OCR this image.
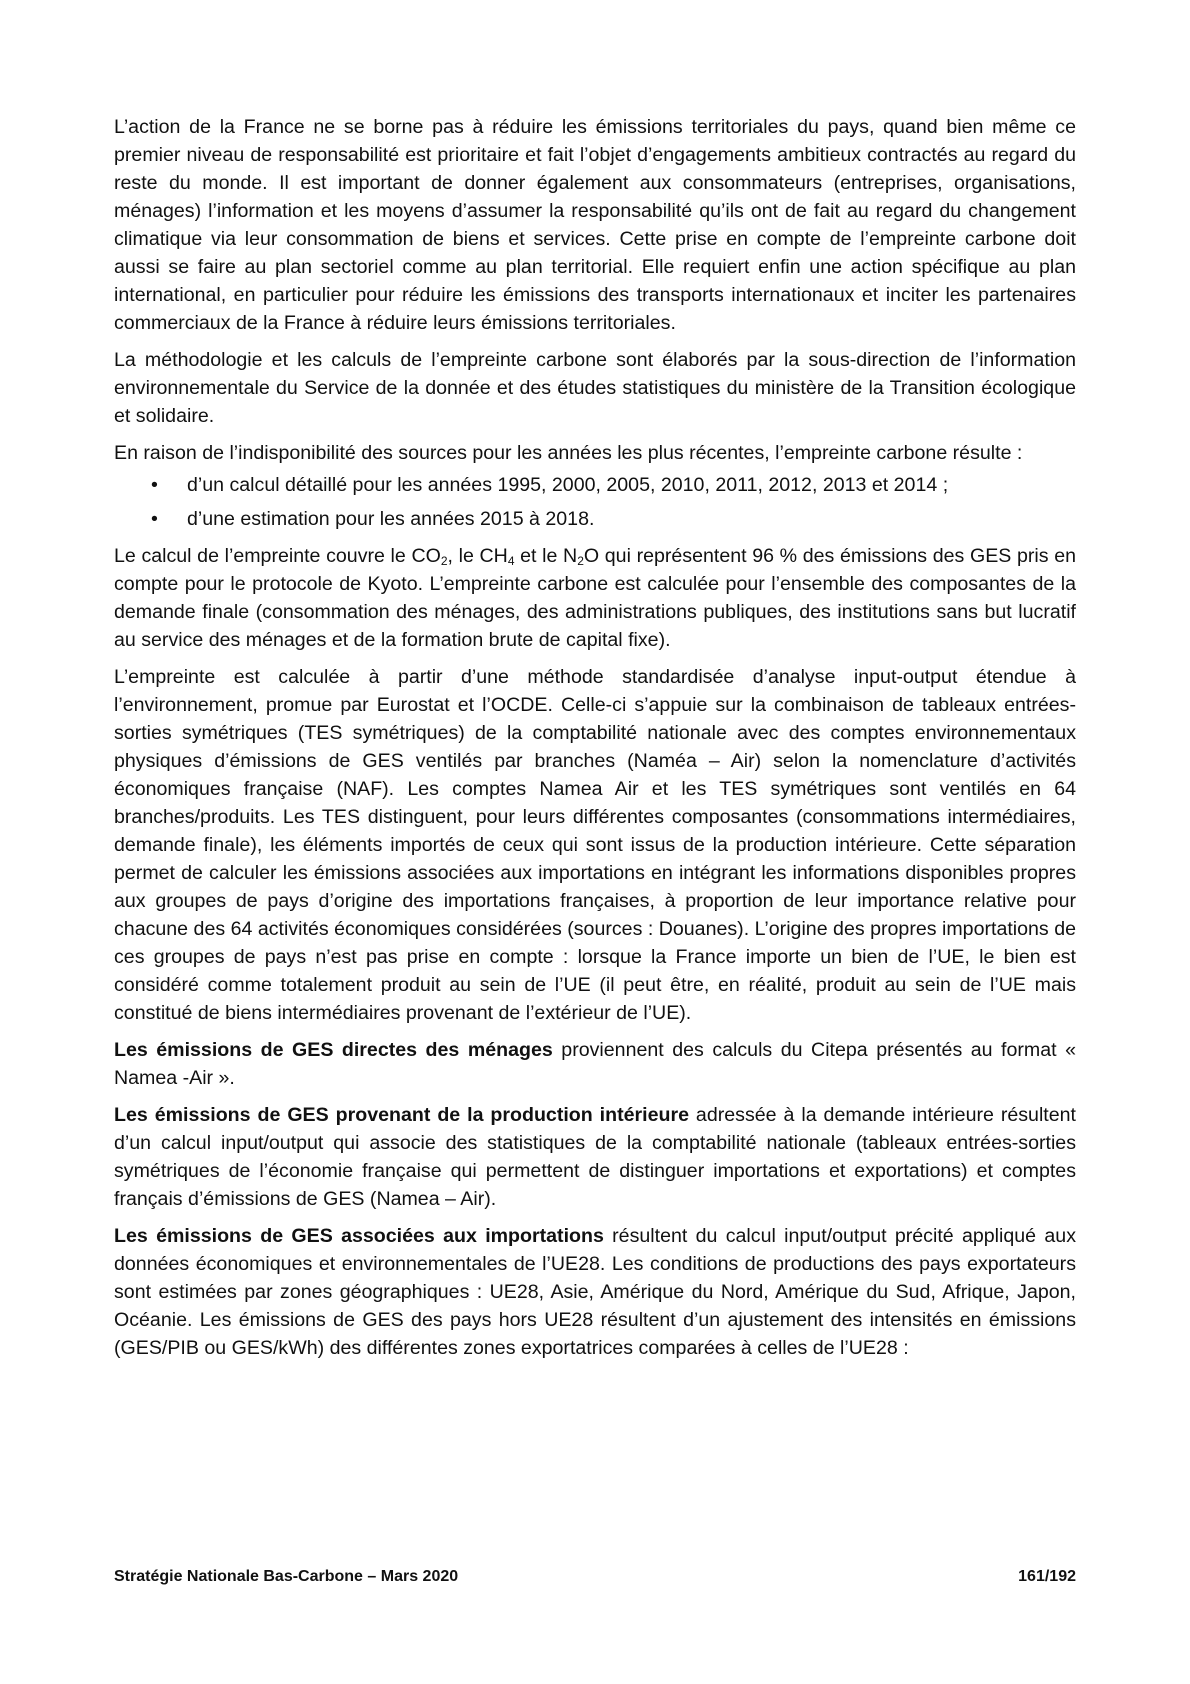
L’action de la France ne se borne pas à réduire les émissions territoriales du pays, quand bien même ce premier niveau de responsabilité est prioritaire et fait l’objet d’engagements ambitieux contractés au regard du reste du monde. Il est important de donner également aux consommateurs (entreprises, organisations, ménages) l’information et les moyens d’assumer la responsabilité qu’ils ont de fait au regard du changement climatique via leur consommation de biens et services. Cette prise en compte de l’empreinte carbone doit aussi se faire au plan sectoriel comme au plan territorial. Elle requiert enfin une action spécifique au plan international, en particulier pour réduire les émissions des transports internationaux et inciter les partenaires commerciaux de la France à réduire leurs émissions territoriales.

La méthodologie et les calculs de l’empreinte carbone sont élaborés par la sous-direction de l’information environnementale du Service de la donnée et des études statistiques du ministère de la Transition écologique et solidaire.

En raison de l’indisponibilité des sources pour les années les plus récentes, l’empreinte carbone résulte :

• d’un calcul détaillé pour les années 1995, 2000, 2005, 2010, 2011, 2012, 2013 et 2014 ;
• d’une estimation pour les années 2015 à 2018.

Le calcul de l’empreinte couvre le $CO_2$, le $CH_4$ et le $N_2O$ qui représentent 96 % des émissions des GES pris en compte pour le protocole de Kyoto. L’empreinte carbone est calculée pour l’ensemble des composantes de la demande finale (consommation des ménages, des administrations publiques, des institutions sans but lucratif au service des ménages et de la formation brute de capital fixe).

L’empreinte est calculée à partir d’une méthode standardisée d’analyse input-output étendue à l’environnement, promue par Eurostat et l’OCDE. Celle-ci s’appuie sur la combinaison de tableaux entrées-sorties symétriques (TES symétriques) de la comptabilité nationale avec des comptes environnementaux physiques d’émissions de GES ventilés par branches (Naméa – Air) selon la nomenclature d’activités économiques française (NAF). Les comptes Namea Air et les TES symétriques sont ventilés en 64 branches/produits. Les TES distinguent, pour leurs différentes composantes (consommations intermédiaires, demande finale), les éléments importés de ceux qui sont issus de la production intérieure. Cette séparation permet de calculer les émissions associées aux importations en intégrant les informations disponibles propres aux groupes de pays d’origine des importations françaises, à proportion de leur importance relative pour chacune des 64 activités économiques considérées (sources : Douanes). L’origine des propres importations de ces groupes de pays n’est pas prise en compte : lorsque la France importe un bien de l’UE, le bien est considéré comme totalement produit au sein de l’UE (il peut être, en réalité, produit au sein de l’UE mais constitué de biens intermédiaires provenant de l’extérieur de l’UE).

Les émissions de GES directes des ménages proviennent des calculs du Citepa présentés au format « Namea -Air ».

Les émissions de GES provenant de la production intérieure adressée à la demande intérieure résultent d’un calcul input/output qui associe des statistiques de la comptabilité nationale (tableaux entrées-sorties symétriques de l’économie française qui permettent de distinguer importations et exportations) et comptes français d’émissions de GES (Namea – Air).

Les émissions de GES associées aux importations résultent du calcul input/output précité appliqué aux données économiques et environnementales de l’UE28. Les conditions de productions des pays exportateurs sont estimées par zones géographiques : UE28, Asie, Amérique du Nord, Amérique du Sud, Afrique, Japon, Océanie. Les émissions de GES des pays hors UE28 résultent d’un ajustement des intensités en émissions (GES/PIB ou GES/kWh) des différentes zones exportatrices comparées à celles de l’UE28 :

Stratégie Nationale Bas-Carbone – Mars 2020	161/192
